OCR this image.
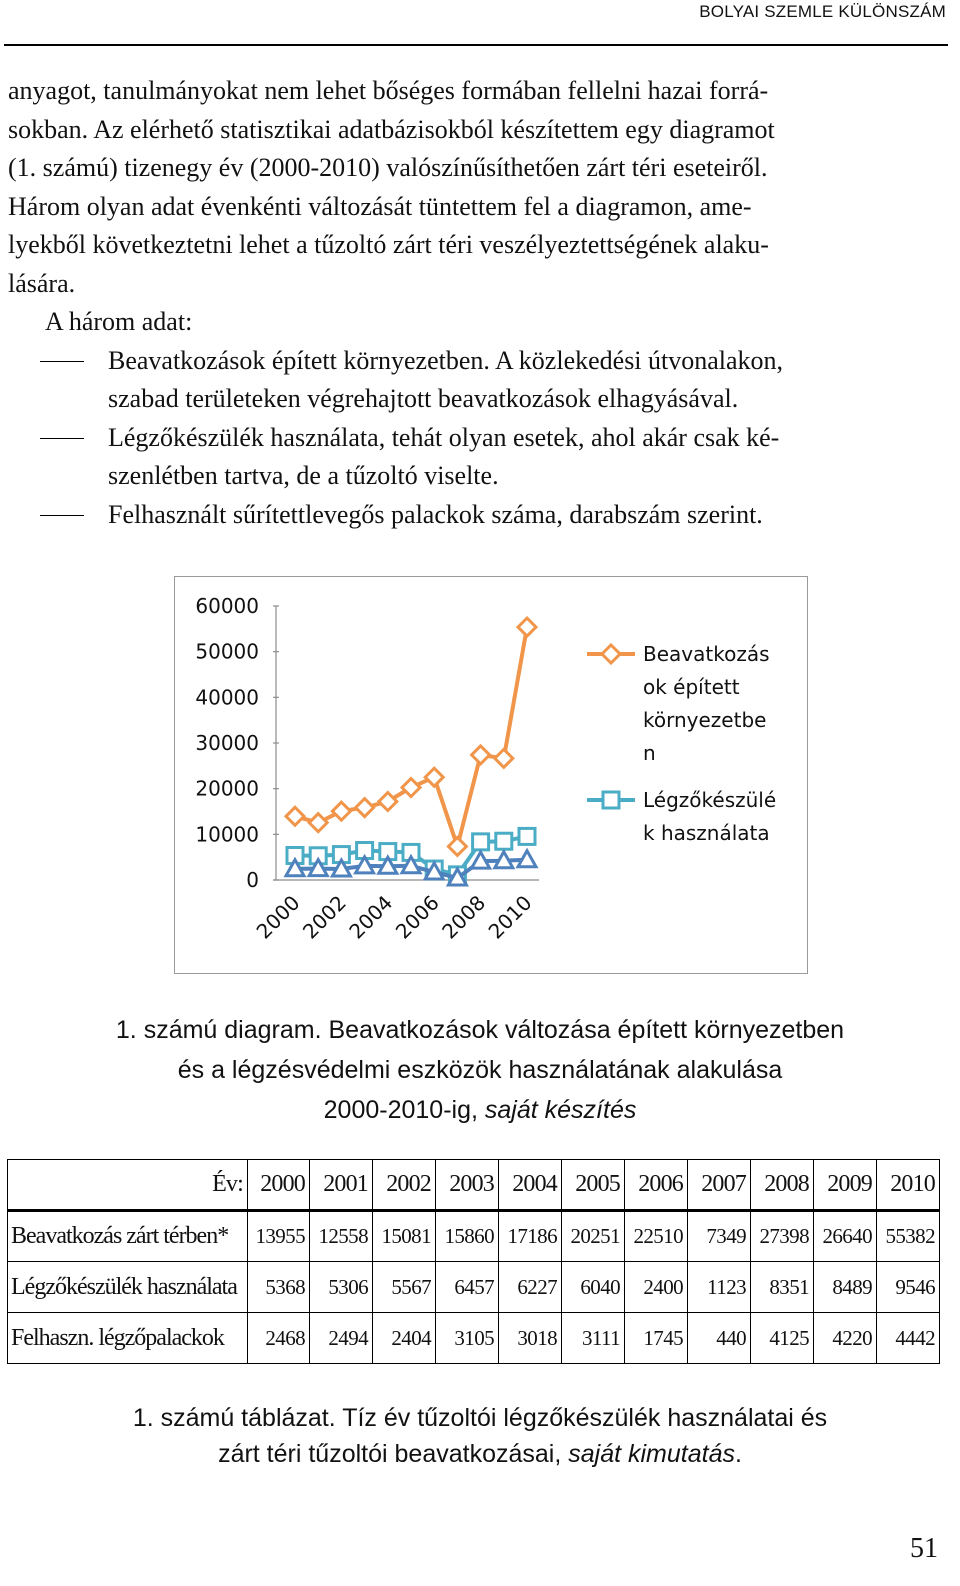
BOLYAI SZEMLE KÜLÖNSZÁM

anyagot, tanulmányokat nem lehet bőséges formában fellelni hazai forrá-
sokban. Az elérhető statisztikai adatbázisokból készítettem egy diagramot
(1. számú) tizenegy év (2000-2010) valószínűsíthetően zárt téri eseteiről.
Három olyan adat évenkénti változását tüntettem fel a diagramon, ame-
lyekből következtetni lehet a tűzoltó zárt téri veszélyeztettségének alaku-
lására.

A három adat:

Beavatkozások épített környezetben. A közlekedési útvonalakon,
szabad területeken végrehajtott beavatkozások elhagyásával.
Légzőkészülék használata, tehát olyan esetek, ahol akár csak ké-
szenlétben tartva, de a tűzoltó viselte.
Felhasznált sűrítettlevegős palackok száma, darabszám szerint.
60000
50000
40000
30000
20000
10000
0
2000
2002
2004
2006
2008
2010
Beavatkozás
ok épített
környezetbe
n
Légzőkészülé
k használata
1. számú diagram. Beavatkozások változása épített környezetben
és a légzésvédelmi eszközök használatának alakulása
2000-2010-ig, saját készítés
Év:	2000	2001	2002	2003	2004	2005	2006	2007	2008	2009	2010
Beavatkozás zárt térben*	13955	12558	15081	15860	17186	20251	22510	7349	27398	26640	55382
Légzőkészülék használata	5368	5306	5567	6457	6227	6040	2400	1123	8351	8489	9546
Felhaszn. légzőpalackok	2468	2494	2404	3105	3018	3111	1745	440	4125	4220	4442
1. számú táblázat. Tíz év tűzoltói légzőkészülék használatai és
zárt téri tűzoltói beavatkozásai, saját kimutatás.
51
